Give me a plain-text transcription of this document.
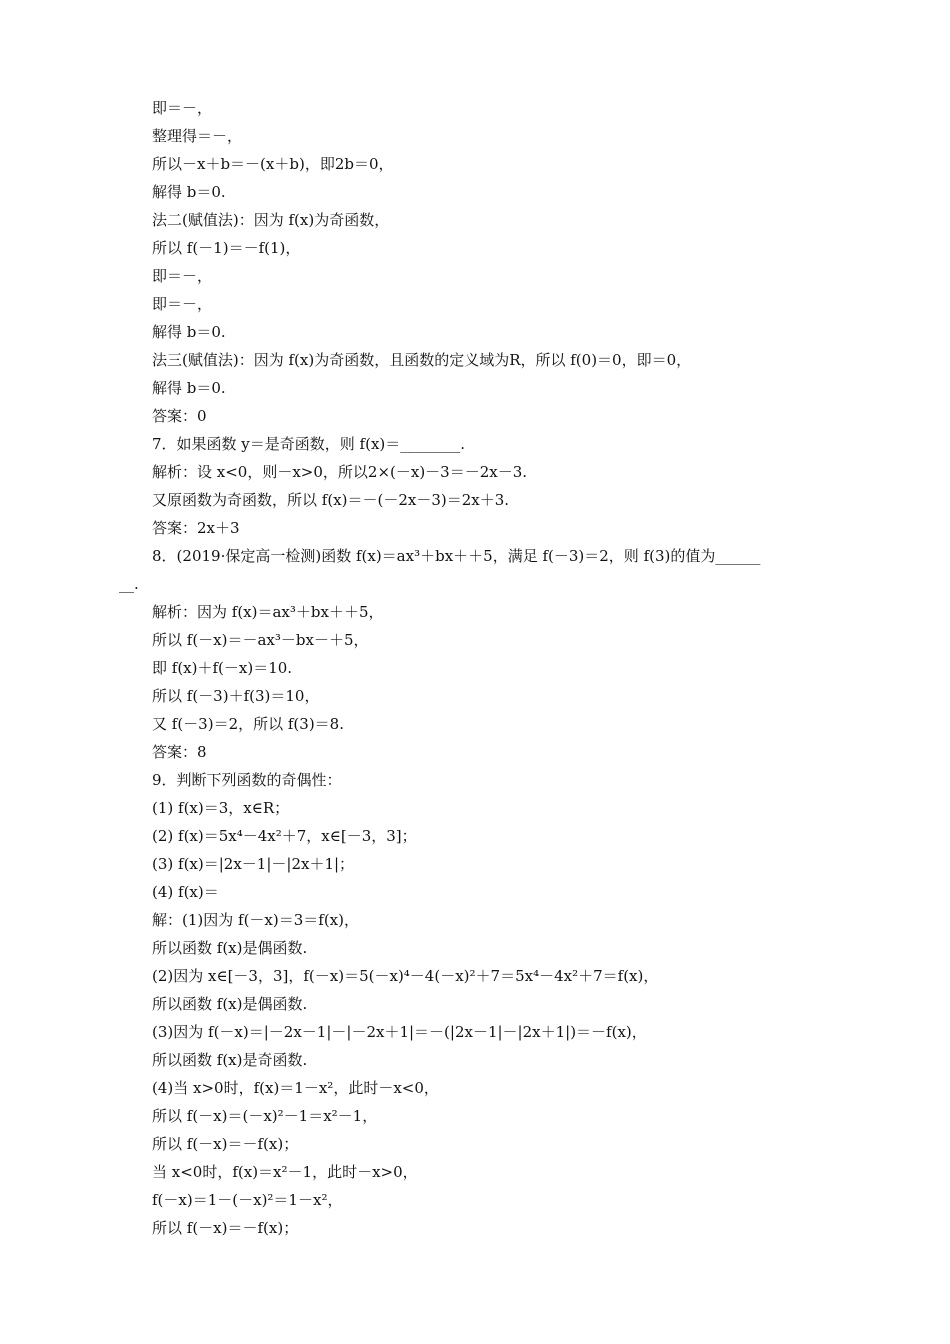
即＝－，
整理得＝－，
所以－x＋b＝－(x＋b)，即2b＝0，
解得 b＝0.
法二(赋值法)：因为 f(x)为奇函数，
所以 f(－1)＝－f(1)，
即＝－，
即＝－，
解得 b＝0.
法三(赋值法)：因为 f(x)为奇函数，且函数的定义域为R，所以 f(0)＝0，即＝0，
解得 b＝0.
答案：0
7．如果函数 y＝是奇函数，则 f(x)＝________.
解析：设 x<0，则－x>0，所以2×(－x)－3＝－2x－3.
又原函数为奇函数，所以 f(x)＝－(－2x－3)＝2x＋3.
答案：2x＋3
8．(2019·保定高一检测)函数 f(x)＝ax³＋bx＋＋5，满足 f(－3)＝2，则 f(3)的值为______
__.
解析：因为 f(x)＝ax³＋bx＋＋5，
所以 f(－x)＝－ax³－bx－＋5，
即 f(x)＋f(－x)＝10.
所以 f(－3)＋f(3)＝10，
又 f(－3)＝2，所以 f(3)＝8.
答案：8
9．判断下列函数的奇偶性：
(1) f(x)＝3，x∈R；
(2) f(x)＝5x⁴－4x²＋7，x∈[－3，3]；
(3) f(x)＝|2x－1|－|2x＋1|；
(4) f(x)＝
解：(1)因为 f(－x)＝3＝f(x)，
所以函数 f(x)是偶函数.
(2)因为 x∈[－3，3]，f(－x)＝5(－x)⁴－4(－x)²＋7＝5x⁴－4x²＋7＝f(x)，
所以函数 f(x)是偶函数.
(3)因为 f(－x)＝|－2x－1|－|－2x＋1|＝－(|2x－1|－|2x＋1|)＝－f(x)，
所以函数 f(x)是奇函数.
(4)当 x>0时，f(x)＝1－x²，此时－x<0，
所以 f(－x)＝(－x)²－1＝x²－1，
所以 f(－x)＝－f(x)；
当 x<0时，f(x)＝x²－1，此时－x>0，
f(－x)＝1－(－x)²＝1－x²，
所以 f(－x)＝－f(x)；
